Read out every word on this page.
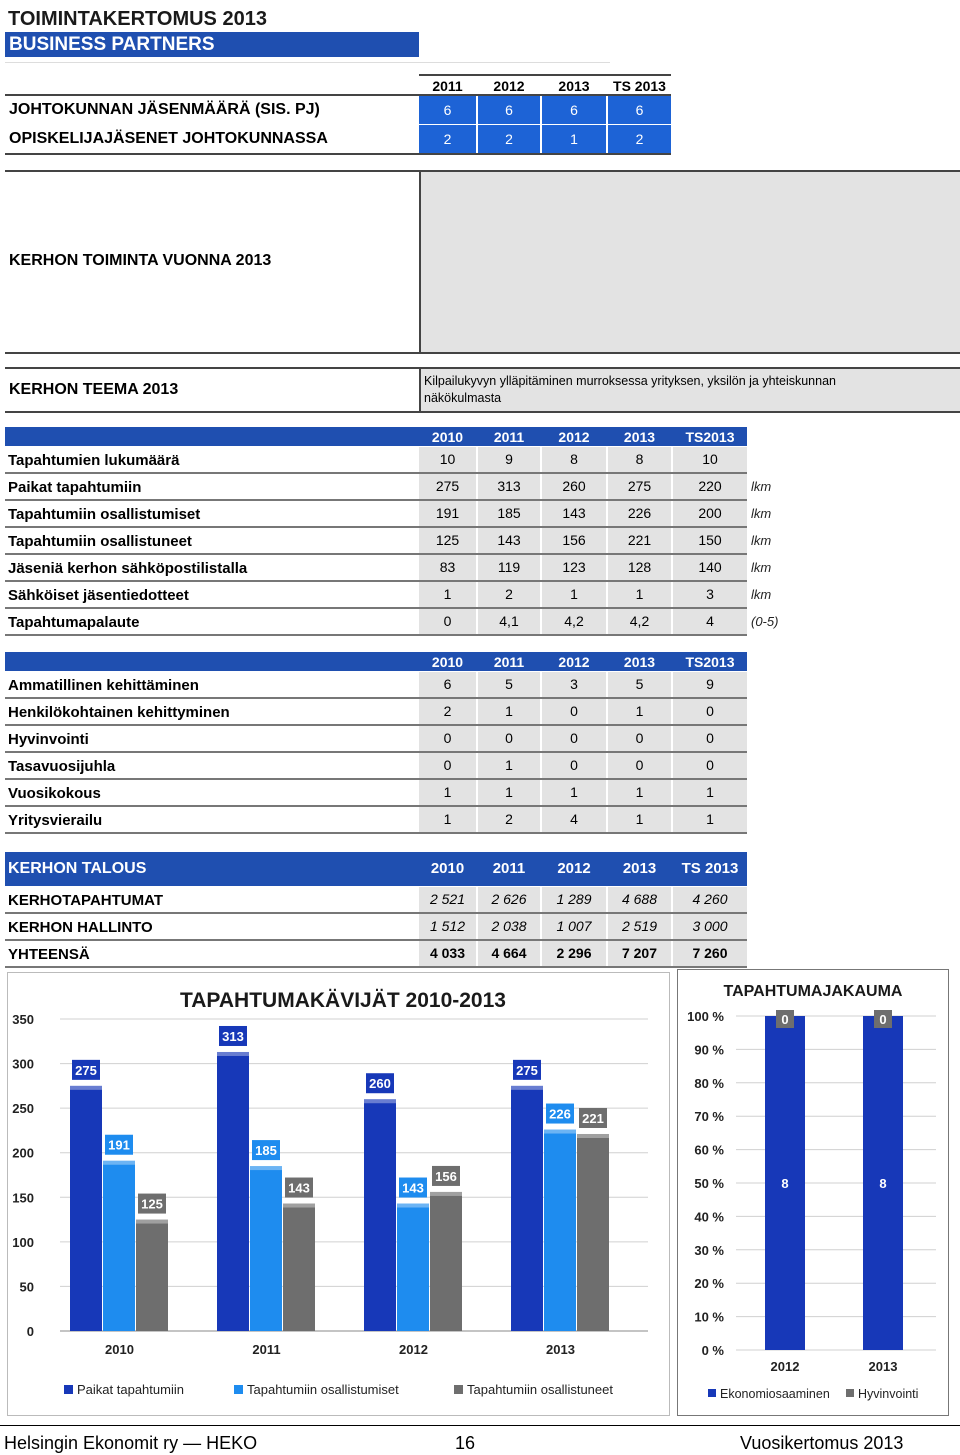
TOIMINTAKERTOMUS 2013
BUSINESS PARTNERS
2011	2012	2013	TS 2013
JOHTOKUNNAN JÄSENMÄÄRÄ (SIS. PJ)	6	6	6	6
OPISKELIJAJÄSENET JOHTOKUNNASSA	2	2	1	2
KERHON TOIMINTA VUONNA 2013
KERHON TEEMA 2013	Kilpailukyvyn ylläpitäminen murroksessa yrityksen, yksilön ja yhteiskunnan
näkökulmasta
2010	2011	2012	2013	TS2013
Tapahtumien lukumäärä	10	9	8	8	10
Paikat tapahtumiin	275	313	260	275	220	lkm
Tapahtumiin osallistumiset	191	185	143	226	200	lkm
Tapahtumiin osallistuneet	125	143	156	221	150	lkm
Jäseniä kerhon sähköpostilistalla	83	119	123	128	140	lkm
Sähköiset jäsentiedotteet	1	2	1	1	3	lkm
Tapahtumapalaute	0	4,1	4,2	4,2	4	(0-5)
2010	2011	2012	2013	TS2013
Ammatillinen kehittäminen	6	5	3	5	9
Henkilökohtainen kehittyminen	2	1	0	1	0
Hyvinvointi	0	0	0	0	0
Tasavuosijuhla	0	1	0	0	0
Vuosikokous	1	1	1	1	1
Yritysvierailu	1	2	4	1	1
KERHON TALOUS	2010	2011	2012	2013	TS 2013
KERHOTAPAHTUMAT	2 521	2 626	1 289	4 688	4 260
KERHON HALLINTO	1 512	2 038	1 007	2 519	3 000
YHTEENSÄ	4 033	4 664	2 296	7 207	7 260
TAPAHTUMAKÄVIJÄT 2010-2013
0
50
100
150
200
250
300
350
275
191
125
2010
313
185
143
2011
260
143
156
2012
275
226 221
2013
Paikat tapahtumiin	Tapahtumiin osallistumiset	Tapahtumiin osallistuneet
TAPAHTUMAJAKAUMA
0 %
10 %
20 %
30 %
40 %
50 %
60 %
70 %
80 %
90 %
100 %
8
0
2012
8
0
2013
Ekonomiosaaminen Hyvinvointi
Helsingin Ekonomit ry — HEKO	16	Vuosikertomus 2013
